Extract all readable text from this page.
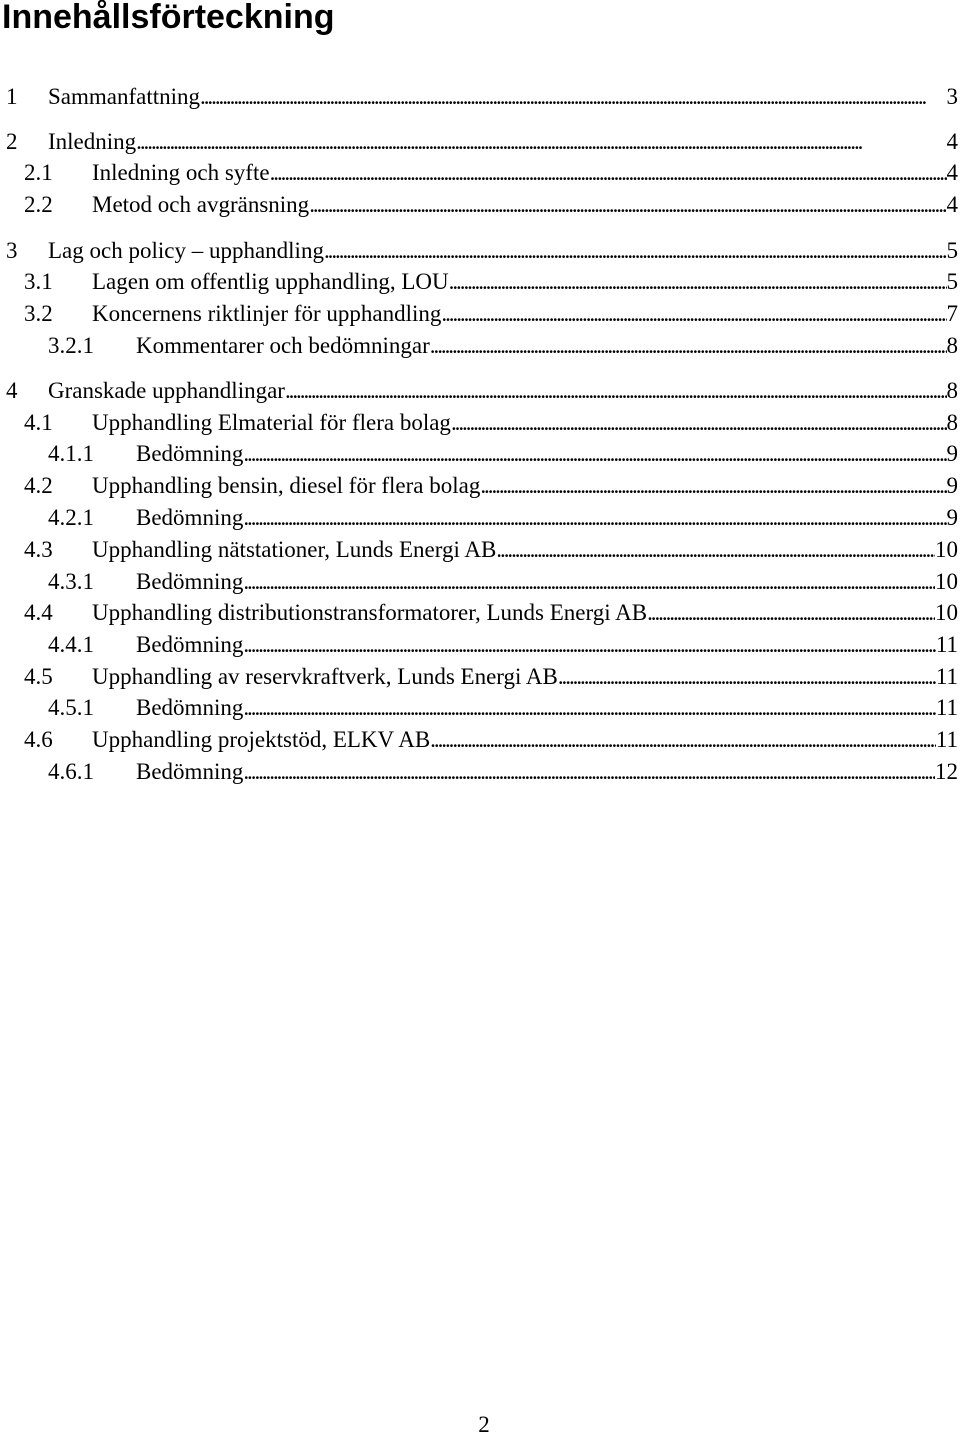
Innehållsförteckning
1	Sammanfattning . . .	3
2	Inledning . . .	4
2.1	Inledning och syfte . . .	4
2.2	Metod och avgränsning . . .	4
3	Lag och policy – upphandling . . .	5
3.1	Lagen om offentlig upphandling, LOU . . .	5
3.2	Koncernens riktlinjer för upphandling . . .	7
3.2.1	Kommentarer och bedömningar . . .	8
4	Granskade upphandlingar . . .	8
4.1	Upphandling Elmaterial för flera bolag . . .	8
4.1.1	Bedömning . . .	9
4.2	Upphandling bensin, diesel för flera bolag . . .	9
4.2.1	Bedömning . . .	9
4.3	Upphandling nätstationer, Lunds Energi AB . . .	10
4.3.1	Bedömning . . .	10
4.4	Upphandling distributionstransformatorer, Lunds Energi AB . . .	10
4.4.1	Bedömning . . .	11
4.5	Upphandling av reservkraftverk, Lunds Energi AB . . .	11
4.5.1	Bedömning . . .	11
4.6	Upphandling projektstöd, ELKV AB . . .	11
4.6.1	Bedömning . . .	12
2
